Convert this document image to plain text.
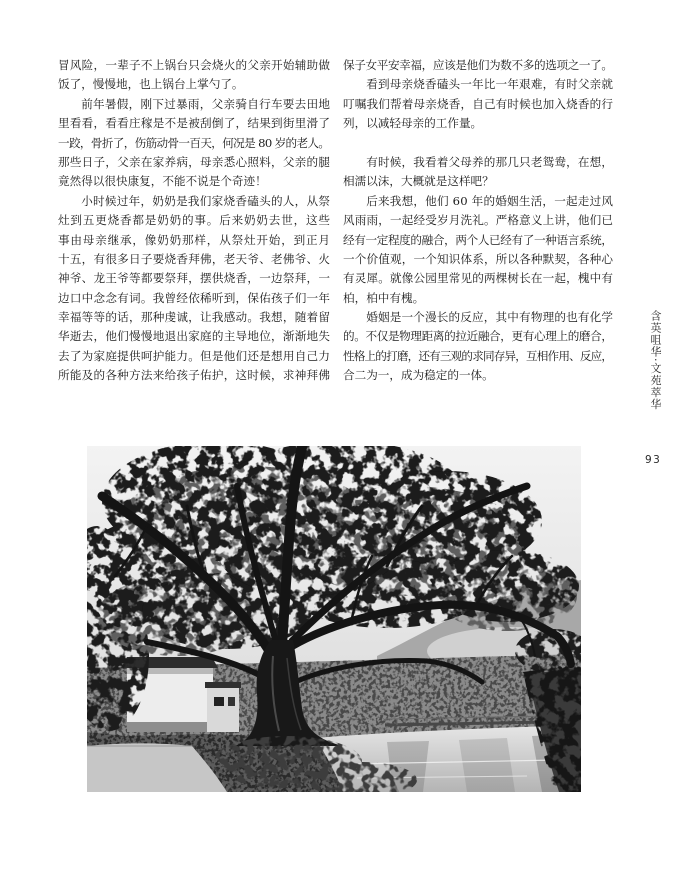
冒风险，一辈子不上锅台只会烧火的父亲开始辅助做
饭了，慢慢地，也上锅台上掌勺了。
前年暑假，刚下过暴雨，父亲骑自行车要去田地
里看看，看看庄稼是不是被刮倒了，结果到街里滑了
一跤，骨折了，伤筋动骨一百天，何况是 80 岁的老人。
那些日子，父亲在家养病，母亲悉心照料，父亲的腿
竟然得以很快康复，不能不说是个奇迹！
小时候过年，奶奶是我们家烧香磕头的人，从祭
灶到五更烧香都是奶奶的事。后来奶奶去世，这些
事由母亲继承，像奶奶那样，从祭灶开始，到正月
十五，有很多日子要烧香拜佛，老天爷、老佛爷、火
神爷、龙王爷等都要祭拜，摆供烧香，一边祭拜，一
边口中念念有词。我曾经依稀听到，保佑孩子们一年
幸福等等的话，那种虔诚，让我感动。我想，随着留
华逝去，他们慢慢地退出家庭的主导地位，渐渐地失
去了为家庭提供呵护能力。但是他们还是想用自己力
所能及的各种方法来给孩子佑护，这时候，求神拜佛
保子女平安幸福，应该是他们为数不多的选项之一了。
看到母亲烧香磕头一年比一年艰难，有时父亲就
叮嘱我们帮着母亲烧香，自己有时候也加入烧香的行
列，以减轻母亲的工作量。
有时候，我看着父母养的那几只老鸳鸯，在想，
相濡以沫，大概就是这样吧？
后来我想，他们 60 年的婚姻生活，一起走过风
风雨雨，一起经受岁月洗礼。严格意义上讲，他们已
经有一定程度的融合，两个人已经有了一种语言系统，
一个价值观，一个知识体系，所以各种默契，各种心
有灵犀。就像公园里常见的两棵树长在一起，槐中有
柏，柏中有槐。
婚姻是一个漫长的反应，其中有物理的也有化学
的。不仅是物理距离的拉近融合，更有心理上的磨合，
性格上的打磨，还有三观的求同存异，互相作用、反应，
合二为一，成为稳定的一体。
含英咀华·文苑萃华
93
